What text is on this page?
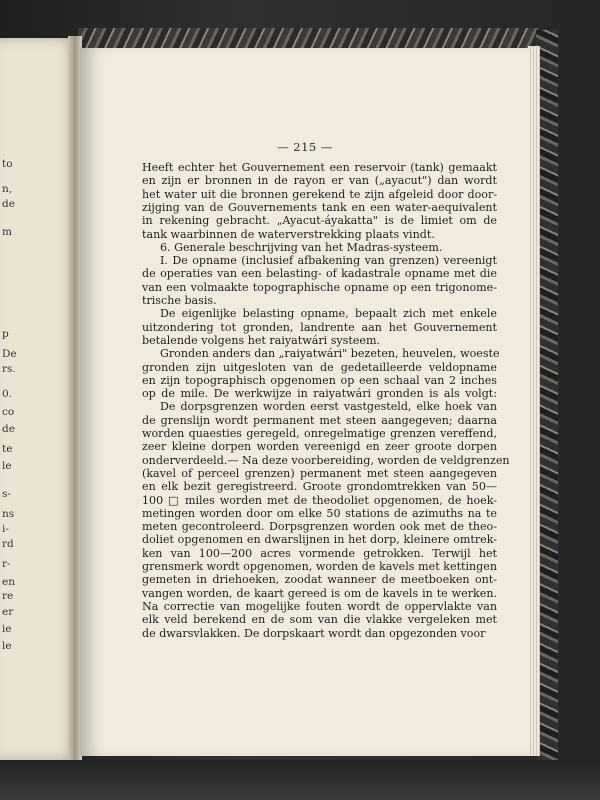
to
n,
de
m
p
De
rs.
0.
co
de
te
le
s-
ns
i-
rd
r-
en
re
er
ie
le
— 215 —
Heeft echter het Gouvernement een reservoir (tank) gemaakt
en zijn er bronnen in de rayon er van („ayacut") dan wordt
het water uit die bronnen gerekend te zijn afgeleid door door-
zijging van de Gouvernements tank en een water-aequivalent
in rekening gebracht. „Ayacut-áyakatta" is de limiet om de
tank waarbinnen de waterverstrekking plaats vindt.
6. Generale beschrijving van het Madras-systeem.
I. De opname (inclusief afbakening van grenzen) vereenigt
de operaties van een belasting- of kadastrale opname met die
van een volmaakte topographische opname op een trigonome-
trische basis.
De eigenlijke belasting opname, bepaalt zich met enkele
uitzondering tot gronden, landrente aan het Gouvernement
betalende volgens het raiyatwári systeem.
Gronden anders dan „raiyatwári" bezeten, heuvelen, woeste
gronden zijn uitgesloten van de gedetailleerde veldopname
en zijn topographisch opgenomen op een schaal van 2 inches
op de mile. De werkwijze in raiyatwári gronden is als volgt:
De dorpsgrenzen worden eerst vastgesteld, elke hoek van
de grenslijn wordt permanent met steen aangegeven; daarna
worden quaesties geregeld, onregelmatige grenzen vereffend,
zeer kleine dorpen worden vereenigd en zeer groote dorpen
onderverdeeld.— Na deze voorbereiding, worden de veldgrenzen
(kavel of perceel grenzen) permanent met steen aangegeven
en elk bezit geregistreerd. Groote grondomtrekken van 50—
100 □ miles worden met de theodoliet opgenomen, de hoek-
metingen worden door om elke 50 stations de azimuths na te
meten gecontroleerd. Dorpsgrenzen worden ook met de theo-
doliet opgenomen en dwarslijnen in het dorp, kleinere omtrek-
ken van 100—200 acres vormende getrokken. Terwijl het
grensmerk wordt opgenomen, worden de kavels met kettingen
gemeten in driehoeken, zoodat wanneer de meetboeken ont-
vangen worden, de kaart gereed is om de kavels in te werken.
Na correctie van mogelijke fouten wordt de oppervlakte van
elk veld berekend en de som van die vlakke vergeleken met
de dwarsvlakken. De dorpskaart wordt dan opgezonden voor
